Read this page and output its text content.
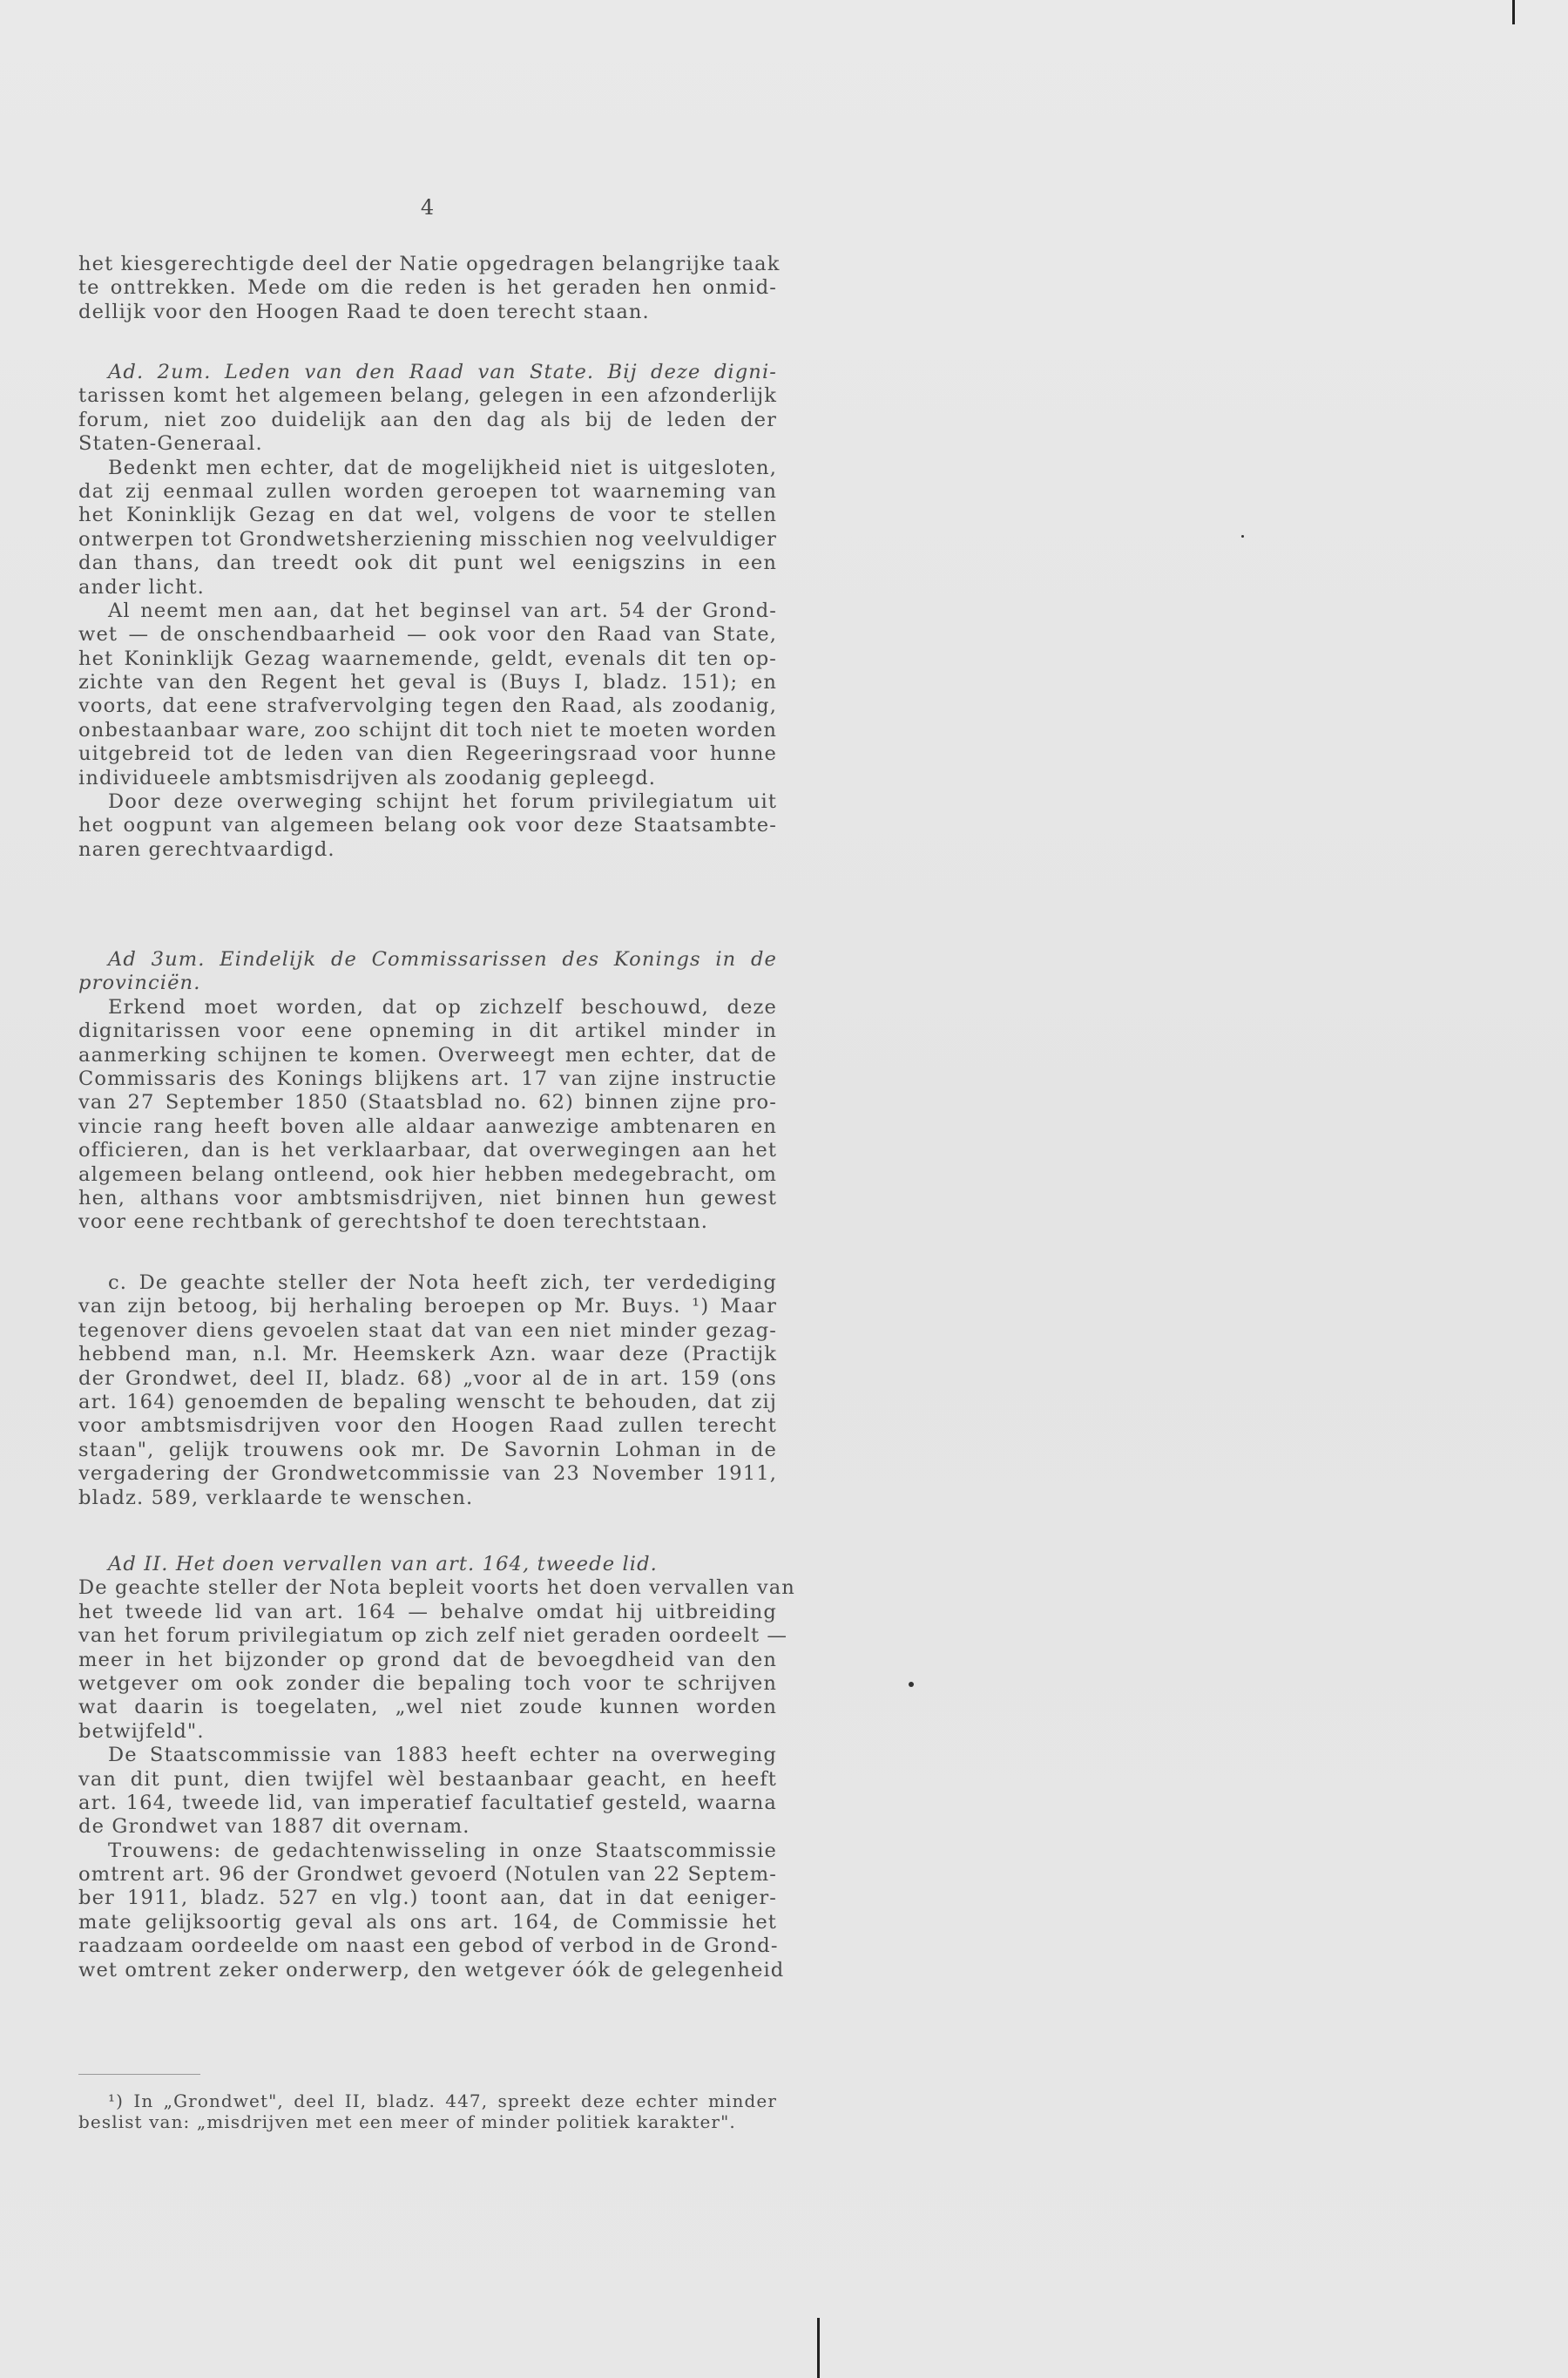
4
het kiesgerechtigde deel der Natie opgedragen belangrijke taak
te onttrekken. Mede om die reden is het geraden hen onmid-
dellijk voor den Hoogen Raad te doen terecht staan.
Ad. 2um. Leden van den Raad van State. Bij deze digni-
tarissen komt het algemeen belang, gelegen in een afzonderlijk
forum, niet zoo duidelijk aan den dag als bij de leden der
Staten-Generaal.
Bedenkt men echter, dat de mogelijkheid niet is uitgesloten,
dat zij eenmaal zullen worden geroepen tot waarneming van
het Koninklijk Gezag en dat wel, volgens de voor te stellen
ontwerpen tot Grondwetsherziening misschien nog veelvuldiger
dan thans, dan treedt ook dit punt wel eenigszins in een
ander licht.
Al neemt men aan, dat het beginsel van art. 54 der Grond-
wet — de onschendbaarheid — ook voor den Raad van State,
het Koninklijk Gezag waarnemende, geldt, evenals dit ten op-
zichte van den Regent het geval is (Buys I, bladz. 151); en
voorts, dat eene strafvervolging tegen den Raad, als zoodanig,
onbestaanbaar ware, zoo schijnt dit toch niet te moeten worden
uitgebreid tot de leden van dien Regeeringsraad voor hunne
individueele ambtsmisdrijven als zoodanig gepleegd.
Door deze overweging schijnt het forum privilegiatum uit
het oogpunt van algemeen belang ook voor deze Staatsambte-
naren gerechtvaardigd.
Ad 3um. Eindelijk de Commissarissen des Konings in de
provinciën.
Erkend moet worden, dat op zichzelf beschouwd, deze
dignitarissen voor eene opneming in dit artikel minder in
aanmerking schijnen te komen. Overweegt men echter, dat de
Commissaris des Konings blijkens art. 17 van zijne instructie
van 27 September 1850 (Staatsblad no. 62) binnen zijne pro-
vincie rang heeft boven alle aldaar aanwezige ambtenaren en
officieren, dan is het verklaarbaar, dat overwegingen aan het
algemeen belang ontleend, ook hier hebben medegebracht, om
hen, althans voor ambtsmisdrijven, niet binnen hun gewest
voor eene rechtbank of gerechtshof te doen terechtstaan.
c. De geachte steller der Nota heeft zich, ter verdediging
van zijn betoog, bij herhaling beroepen op Mr. Buys. ¹) Maar
tegenover diens gevoelen staat dat van een niet minder gezag-
hebbend man, n.l. Mr. Heemskerk Azn. waar deze (Practijk
der Grondwet, deel II, bladz. 68) „voor al de in art. 159 (ons
art. 164) genoemden de bepaling wenscht te behouden, dat zij
voor ambtsmisdrijven voor den Hoogen Raad zullen terecht
staan", gelijk trouwens ook mr. De Savornin Lohman in de
vergadering der Grondwetcommissie van 23 November 1911,
bladz. 589, verklaarde te wenschen.
Ad II. Het doen vervallen van art. 164, tweede lid.
De geachte steller der Nota bepleit voorts het doen vervallen van
het tweede lid van art. 164 — behalve omdat hij uitbreiding
van het forum privilegiatum op zich zelf niet geraden oordeelt —
meer in het bijzonder op grond dat de bevoegdheid van den
wetgever om ook zonder die bepaling toch voor te schrijven
wat daarin is toegelaten, „wel niet zoude kunnen worden
betwijfeld".
De Staatscommissie van 1883 heeft echter na overweging
van dit punt, dien twijfel wèl bestaanbaar geacht, en heeft
art. 164, tweede lid, van imperatief facultatief gesteld, waarna
de Grondwet van 1887 dit overnam.
Trouwens: de gedachtenwisseling in onze Staatscommissie
omtrent art. 96 der Grondwet gevoerd (Notulen van 22 Septem-
ber 1911, bladz. 527 en vlg.) toont aan, dat in dat eeniger-
mate gelijksoortig geval als ons art. 164, de Commissie het
raadzaam oordeelde om naast een gebod of verbod in de Grond-
wet omtrent zeker onderwerp, den wetgever óók de gelegenheid
¹) In „Grondwet", deel II, bladz. 447, spreekt deze echter minder
beslist van: „misdrijven met een meer of minder politiek karakter".
